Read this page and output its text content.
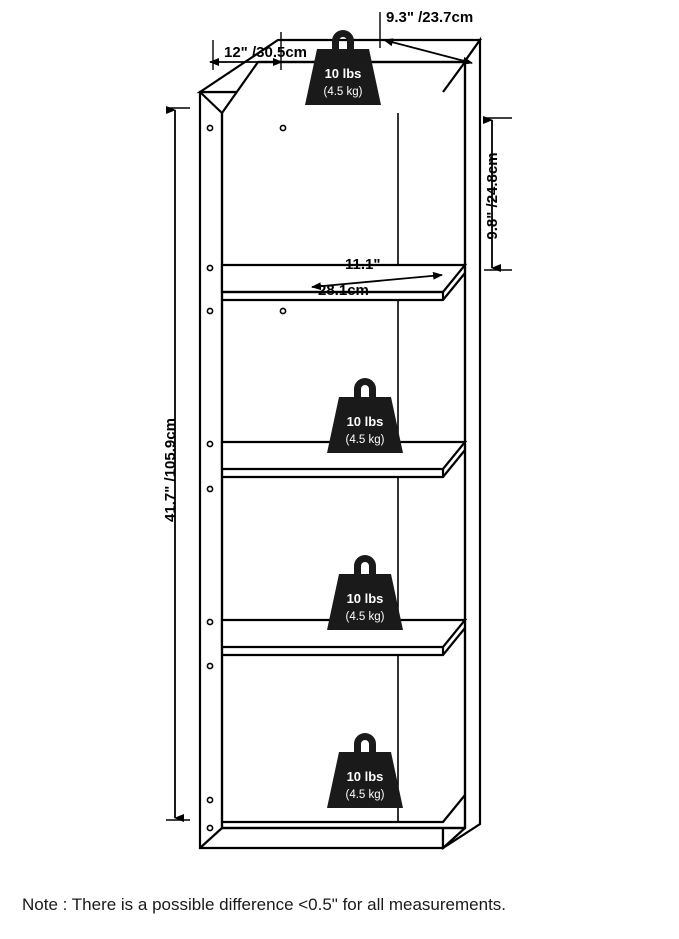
12" /30.5cm
9.3" /23.7cm
11.1"
28.1cm
41.7" /105.9cm
9.8" /24.8cm
10 lbs
(4.5 kg)
10 lbs
(4.5 kg)
10 lbs
(4.5 kg)
10 lbs
(4.5 kg)
Note : There is a possible difference <0.5" for all measurements.
